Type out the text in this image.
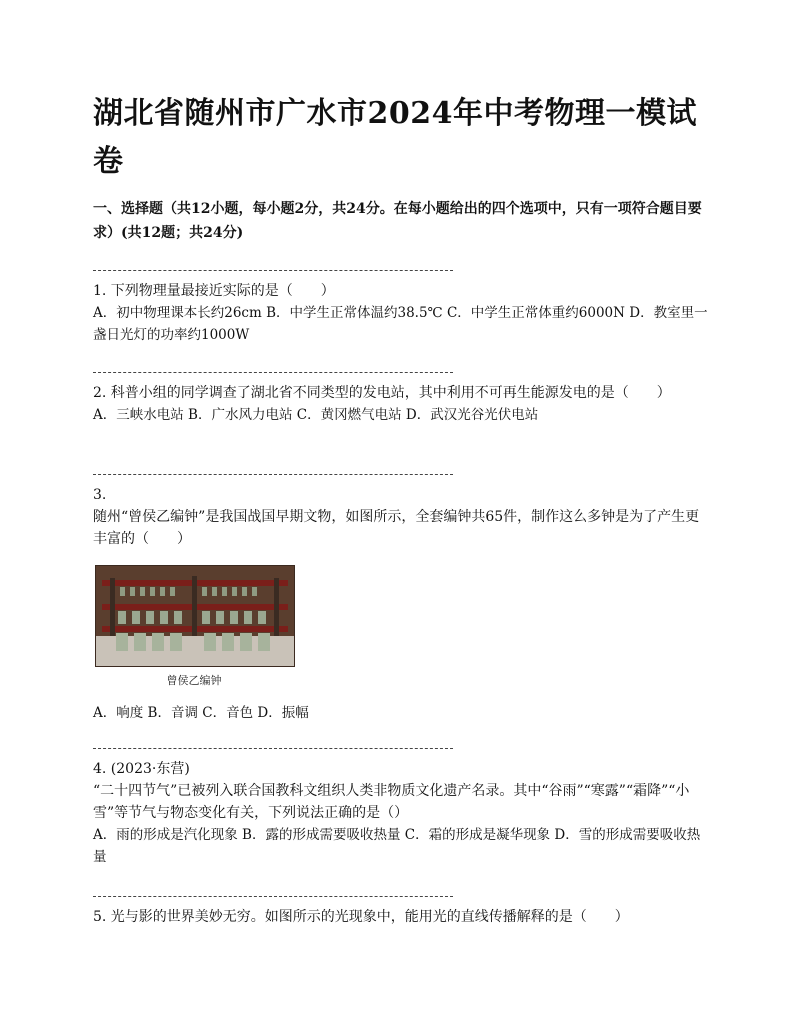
湖北省随州市广水市2024年中考物理一模试卷
一、选择题（共12小题，每小题2分，共24分。在每小题给出的四个选项中，只有一项符合题目要求）(共12题；共24分)

1. 下列物理量最接近实际的是（　　）

A．初中物理课本长约26cm B．中学生正常体温约38.5℃ C．中学生正常体重约6000N D．教室里一盏日光灯的功率约1000W

2. 科普小组的同学调查了湖北省不同类型的发电站，其中利用不可再生能源发电的是（　　）

A．三峡水电站 B．广水风力电站 C．黄冈燃气电站 D．武汉光谷光伏电站

3.

随州“曾侯乙编钟”是我国战国早期文物，如图所示，全套编钟共65件，制作这么多钟是为了产生更丰富的（　　）

曾侯乙编钟

A．响度 B．音调 C．音色 D．振幅

4. (2023·东营)

“二十四节气”已被列入联合国教科文组织人类非物质文化遗产名录。其中“谷雨”“寒露”“霜降”“小雪”等节气与物态变化有关，下列说法正确的是（）

A．雨的形成是汽化现象 B．露的形成需要吸收热量 C．霜的形成是凝华现象 D．雪的形成需要吸收热量

5. 光与影的世界美妙无穷。如图所示的光现象中，能用光的直线传播解释的是（　　）
